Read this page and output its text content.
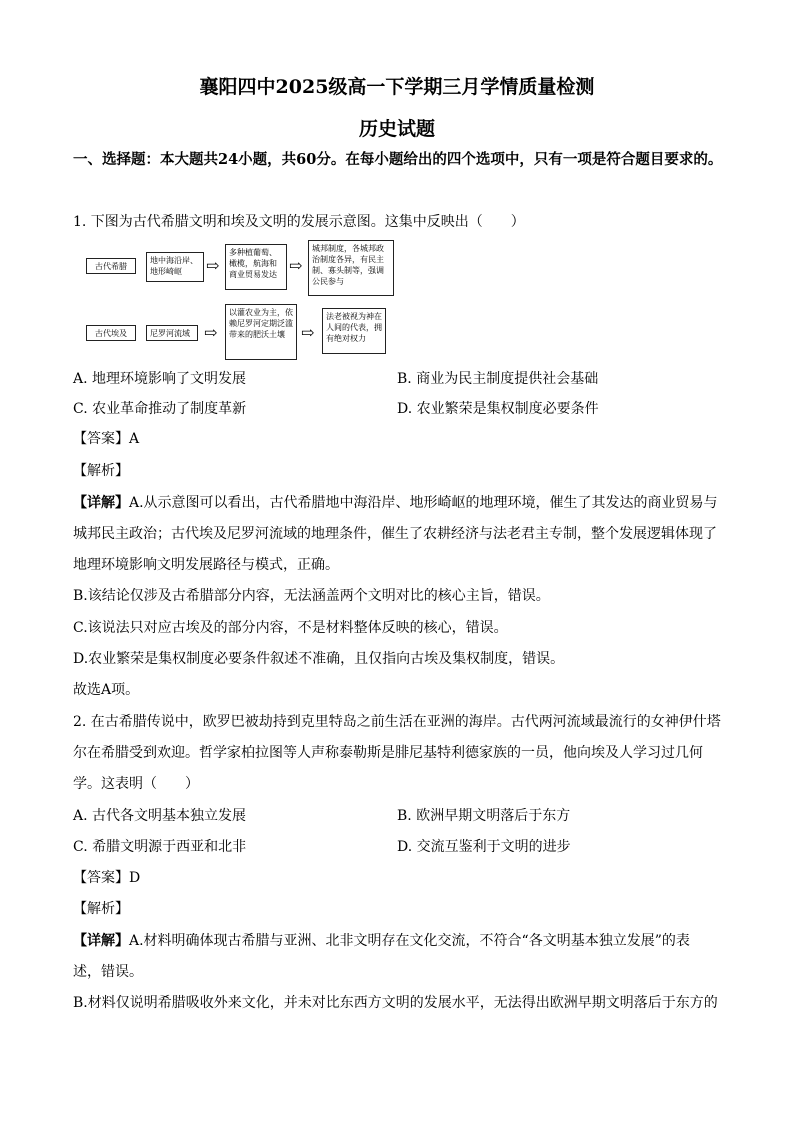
襄阳四中2025级高一下学期三月学情质量检测
历史试题
一、选择题：本大题共24小题，共60分。在每小题给出的四个选项中，只有一项是符合题目要求的。
1. 下图为古代希腊文明和埃及文明的发展示意图。这集中反映出（　　）
古代希腊
地中海沿岸、地形崎岖	⇨
多种植葡萄、橄榄，航海和商业贸易发达 ⇨
城邦制度，各城邦政治制度各异，有民主制、寡头制等，强调公民参与
古代埃及	尼罗河流域 ⇨
以灌农业为主，依赖尼罗河定期泛滥带来的肥沃土壤	⇨
法老被视为神在人间的代表，拥有绝对权力
A. 地理环境影响了文明发展	B. 商业为民主制度提供社会基础
C. 农业革命推动了制度革新	D. 农业繁荣是集权制度必要条件
【答案】A
【解析】
【详解】A.从示意图可以看出，古代希腊地中海沿岸、地形崎岖的地理环境，催生了其发达的商业贸易与
城邦民主政治；古代埃及尼罗河流域的地理条件，催生了农耕经济与法老君主专制，整个发展逻辑体现了
地理环境影响文明发展路径与模式，正确。
B.该结论仅涉及古希腊部分内容，无法涵盖两个文明对比的核心主旨，错误。
C.该说法只对应古埃及的部分内容，不是材料整体反映的核心，错误。
D.农业繁荣是集权制度必要条件叙述不准确，且仅指向古埃及集权制度，错误。
故选A项。
2. 在古希腊传说中，欧罗巴被劫持到克里特岛之前生活在亚洲的海岸。古代两河流域最流行的女神伊什塔
尔在希腊受到欢迎。哲学家柏拉图等人声称泰勒斯是腓尼基特利德家族的一员，他向埃及人学习过几何
学。这表明（　　）
A. 古代各文明基本独立发展	B. 欧洲早期文明落后于东方
C. 希腊文明源于西亚和北非	D. 交流互鉴利于文明的进步
【答案】D
【解析】
【详解】A.材料明确体现古希腊与亚洲、北非文明存在文化交流，不符合“各文明基本独立发展”的表
述，错误。
B.材料仅说明希腊吸收外来文化，并未对比东西方文明的发展水平，无法得出欧洲早期文明落后于东方的
